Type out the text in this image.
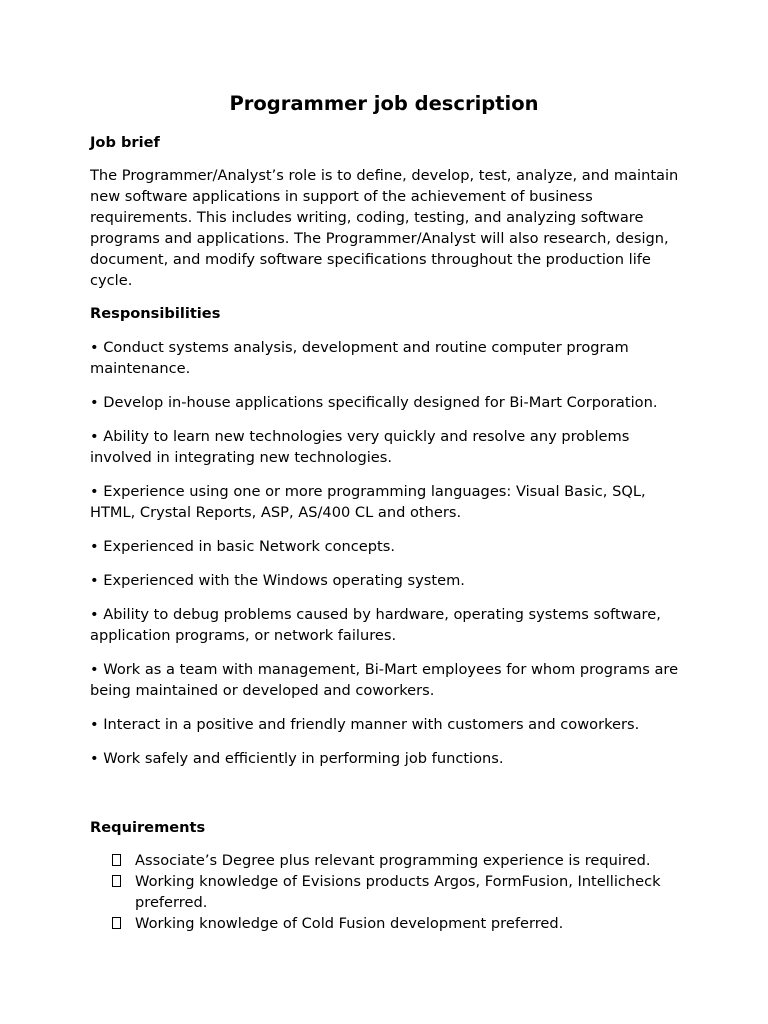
Programmer job description

Job brief

The Programmer/Analyst’s role is to define, develop, test, analyze, and maintain new software applications in support of the achievement of business requirements. This includes writing, coding, testing, and analyzing software programs and applications. The Programmer/Analyst will also research, design, document, and modify software specifications throughout the production life cycle.

Responsibilities

• Conduct systems analysis, development and routine computer program maintenance.

• Develop in-house applications specifically designed for Bi-Mart Corporation.

• Ability to learn new technologies very quickly and resolve any problems involved in integrating new technologies.

• Experience using one or more programming languages: Visual Basic, SQL, HTML, Crystal Reports, ASP, AS/400 CL and others.

• Experienced in basic Network concepts.

• Experienced with the Windows operating system.

• Ability to debug problems caused by hardware, operating systems software, application programs, or network failures.

• Work as a team with management, Bi-Mart employees for whom programs are being maintained or developed and coworkers.

• Interact in a positive and friendly manner with customers and coworkers.

• Work safely and efficiently in performing job functions.

Requirements

Associate’s Degree plus relevant programming experience is required.
Working knowledge of Evisions products Argos, FormFusion, Intellicheck preferred.
Working knowledge of Cold Fusion development preferred.
